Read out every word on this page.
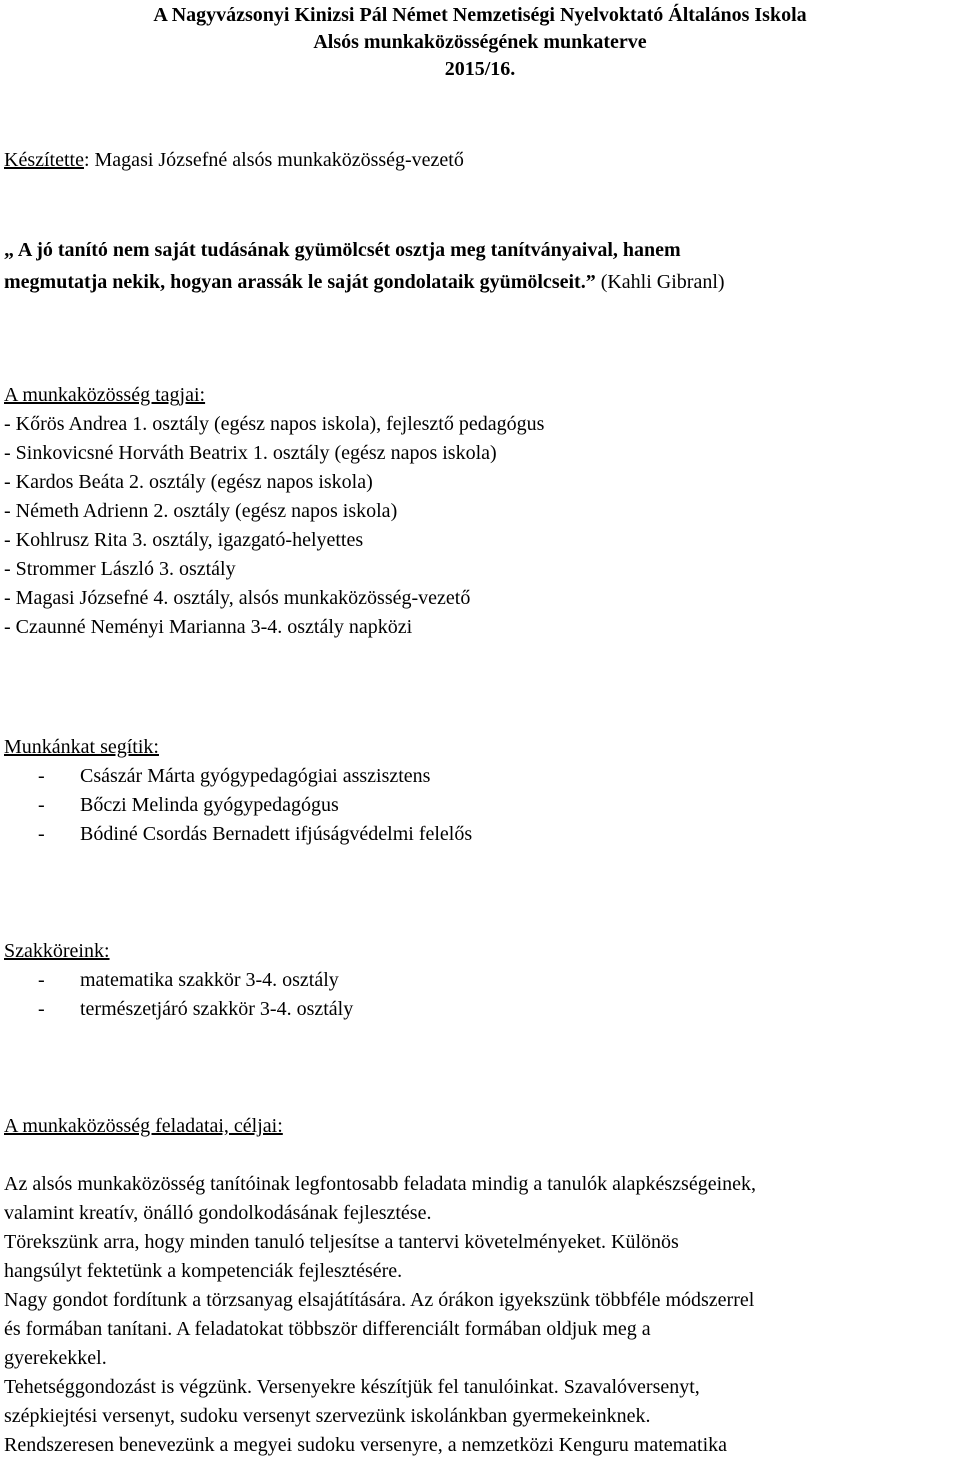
A Nagyvázsonyi Kinizsi Pál Német Nemzetiségi Nyelvoktató Általános Iskola
Alsós munkaközösségének munkaterve
2015/16.
Készítette: Magasi Józsefné alsós munkaközösség-vezető
„ A jó tanító nem saját tudásának gyümölcsét osztja meg tanítványaival, hanem
megmutatja nekik, hogyan arassák le saját gondolataik gyümölcseit.” (Kahli Gibranl)
A munkaközösség tagjai:
- Kőrös Andrea 1. osztály (egész napos iskola), fejlesztő pedagógus
- Sinkovicsné Horváth Beatrix 1. osztály (egész napos iskola)
- Kardos Beáta 2. osztály (egész napos iskola)
- Németh Adrienn 2. osztály (egész napos iskola)
- Kohlrusz Rita 3. osztály, igazgató-helyettes
- Strommer László 3. osztály
- Magasi Józsefné 4. osztály, alsós munkaközösség-vezető
- Czaunné Neményi Marianna 3-4. osztály napközi
Munkánkat segítik:
- Császár Márta gyógypedagógiai asszisztens
- Bőczi Melinda gyógypedagógus
- Bódiné Csordás Bernadett ifjúságvédelmi felelős
Szakköreink:
- matematika szakkör 3-4. osztály
- természetjáró szakkör 3-4. osztály
A munkaközösség feladatai, céljai:

Az alsós munkaközösség tanítóinak legfontosabb feladata mindig a tanulók alapkészségeinek,

valamint kreatív, önálló gondolkodásának fejlesztése.

Törekszünk arra, hogy minden tanuló teljesítse a tantervi követelményeket. Különös

hangsúlyt fektetünk a kompetenciák fejlesztésére.

Nagy gondot fordítunk a törzsanyag elsajátítására. Az órákon igyekszünk többféle módszerrel

és formában tanítani. A feladatokat többször differenciált formában oldjuk meg a

gyerekekkel.

Tehetséggondozást is végzünk. Versenyekre készítjük fel tanulóinkat. Szavalóversenyt,

szépkiejtési versenyt, sudoku versenyt szervezünk iskolánkban gyermekeinknek.

Rendszeresen benevezünk a megyei sudoku versenyre, a nemzetközi Kenguru matematika
